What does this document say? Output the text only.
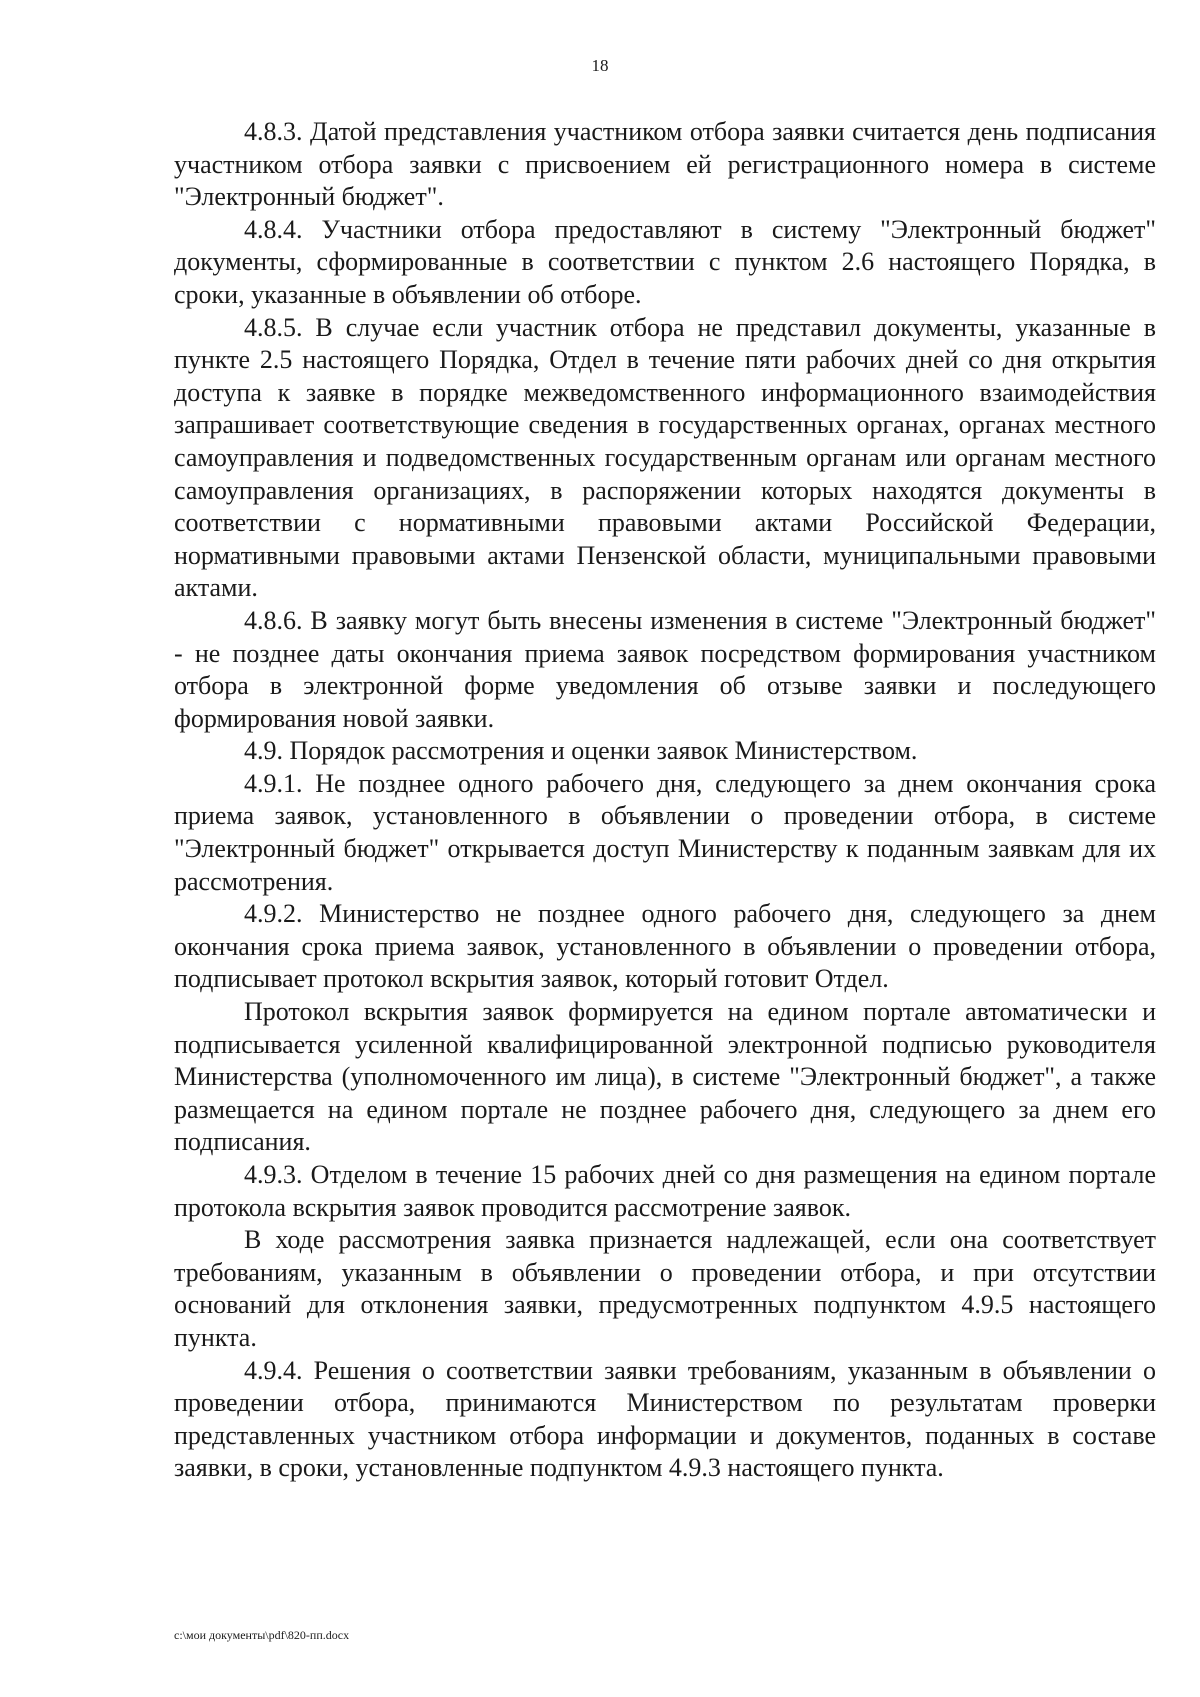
18

4.8.3. Датой представления участником отбора заявки считается день подписания участником отбора заявки с присвоением ей регистрационного номера в системе "Электронный бюджет".

4.8.4. Участники отбора предоставляют в систему "Электронный бюджет" документы, сформированные в соответствии с пунктом 2.6 настоящего Порядка, в сроки, указанные в объявлении об отборе.

4.8.5. В случае если участник отбора не представил документы, указанные в пункте 2.5 настоящего Порядка, Отдел в течение пяти рабочих дней со дня открытия доступа к заявке в порядке межведомственного информационного взаимодействия запрашивает соответствующие сведения в государственных органах, органах местного самоуправления и подведомственных государственным органам или органам местного самоуправления организациях, в распоряжении которых находятся документы в соответствии с нормативными правовыми актами Российской Федерации, нормативными правовыми актами Пензенской области, муниципальными правовыми актами.

4.8.6. В заявку могут быть внесены изменения в системе "Электронный бюджет" - не позднее даты окончания приема заявок посредством формирования участником отбора в электронной форме уведомления об отзыве заявки и последующего формирования новой заявки.

4.9. Порядок рассмотрения и оценки заявок Министерством.

4.9.1. Не позднее одного рабочего дня, следующего за днем окончания срока приема заявок, установленного в объявлении о проведении отбора, в системе "Электронный бюджет" открывается доступ Министерству к поданным заявкам для их рассмотрения.

4.9.2. Министерство не позднее одного рабочего дня, следующего за днем окончания срока приема заявок, установленного в объявлении о проведении отбора, подписывает протокол вскрытия заявок, который готовит Отдел.

Протокол вскрытия заявок формируется на едином портале автоматически и подписывается усиленной квалифицированной электронной подписью руководителя Министерства (уполномоченного им лица), в системе "Электронный бюджет", а также размещается на едином портале не позднее рабочего дня, следующего за днем его подписания.

4.9.3. Отделом в течение 15 рабочих дней со дня размещения на едином портале протокола вскрытия заявок проводится рассмотрение заявок.

В ходе рассмотрения заявка признается надлежащей, если она соответствует требованиям, указанным в объявлении о проведении отбора, и при отсутствии оснований для отклонения заявки, предусмотренных подпунктом 4.9.5 настоящего пункта.

4.9.4. Решения о соответствии заявки требованиям, указанным в объявлении о проведении отбора, принимаются Министерством по результатам проверки представленных участником отбора информации и документов, поданных в составе заявки, в сроки, установленные подпунктом 4.9.3 настоящего пункта.

c:\мои документы\pdf\820-пп.docx
